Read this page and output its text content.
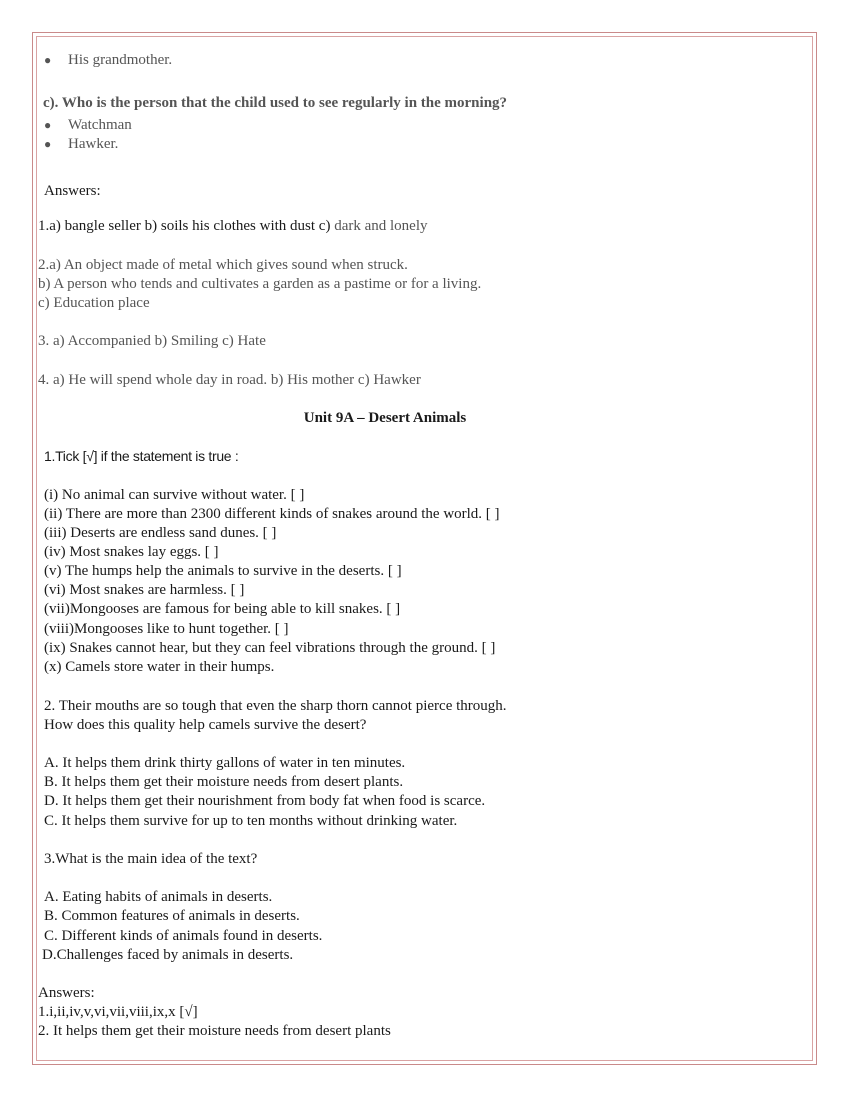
● His grandmother.
c). Who is the person that the child used to see regularly in the morning?
● Watchman
● Hawker.
Answers:
1.a) bangle seller b) soils his clothes with dust c) dark and lonely
2.a) An object made of metal which gives sound when struck.
b) A person who tends and cultivates a garden as a pastime or for a living.
c) Education place
3. a) Accompanied b) Smiling c) Hate
4. a) He will spend whole day in road. b) His mother c) Hawker
Unit 9A – Desert Animals
1.Tick [√] if the statement is true :
(i) No animal can survive without water. [ ]
(ii) There are more than 2300 different kinds of snakes around the world. [ ]
(iii) Deserts are endless sand dunes. [ ]
(iv) Most snakes lay eggs. [ ]
(v) The humps help the animals to survive in the deserts. [ ]
(vi) Most snakes are harmless. [ ]
(vii)Mongooses are famous for being able to kill snakes. [ ]
(viii)Mongooses like to hunt together. [ ]
(ix) Snakes cannot hear, but they can feel vibrations through the ground. [ ]
(x) Camels store water in their humps.
2. Their mouths are so tough that even the sharp thorn cannot pierce through.
How does this quality help camels survive the desert?
A. It helps them drink thirty gallons of water in ten minutes.
B. It helps them get their moisture needs from desert plants.
D. It helps them get their nourishment from body fat when food is scarce.
C. It helps them survive for up to ten months without drinking water.
3.What is the main idea of the text?
A. Eating habits of animals in deserts.
B. Common features of animals in deserts.
C. Different kinds of animals found in deserts.
D.Challenges faced by animals in deserts.
Answers:
1.i,ii,iv,v,vi,vii,viii,ix,x [√]
2. It helps them get their moisture needs from desert plants
